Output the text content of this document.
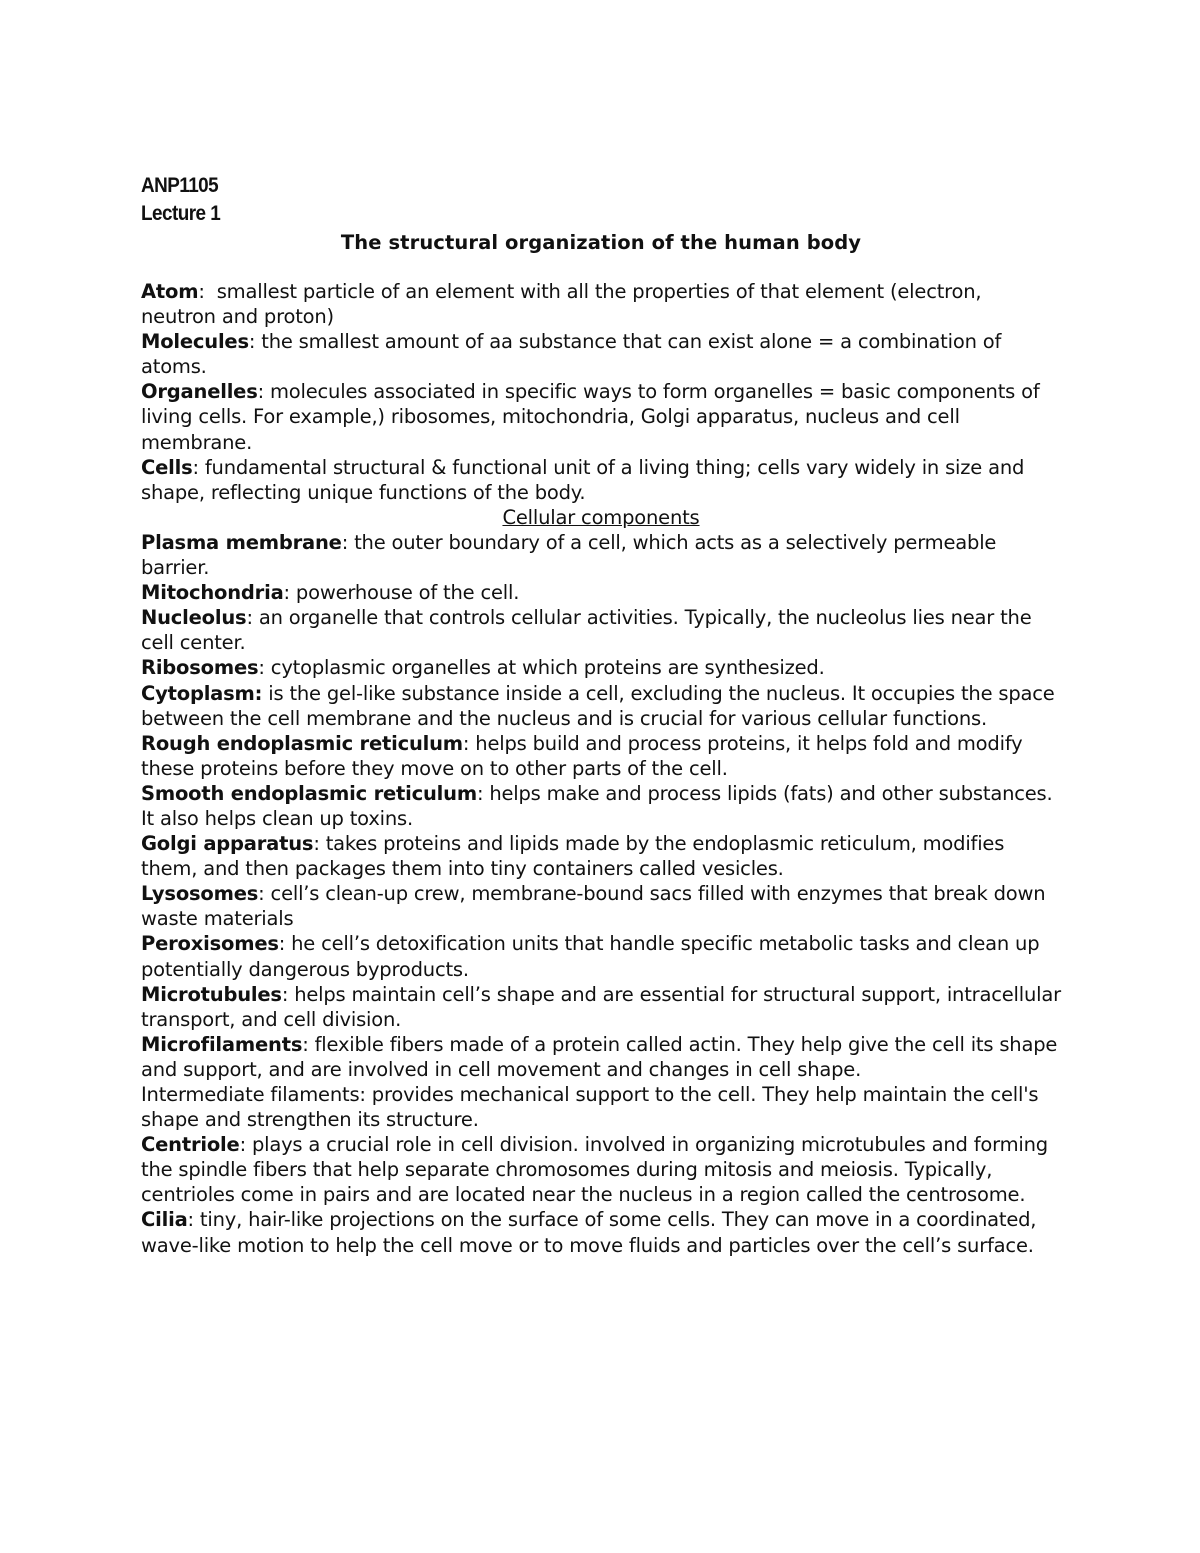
ANP1105
Lecture 1
The structural organization of the human body
Atom:  smallest particle of an element with all the properties of that element (electron, neutron and proton)
Molecules: the smallest amount of aa substance that can exist alone = a combination of atoms.
Organelles: molecules associated in specific ways to form organelles = basic components of living cells. For example,) ribosomes, mitochondria, Golgi apparatus, nucleus and cell membrane.
Cells: fundamental structural & functional unit of a living thing; cells vary widely in size and shape, reflecting unique functions of the body.
Cellular components
Plasma membrane: the outer boundary of a cell, which acts as a selectively permeable barrier.
Mitochondria: powerhouse of the cell.
Nucleolus: an organelle that controls cellular activities. Typically, the nucleolus lies near the cell center.
Ribosomes: cytoplasmic organelles at which proteins are synthesized.
Cytoplasm: is the gel-like substance inside a cell, excluding the nucleus. It occupies the space between the cell membrane and the nucleus and is crucial for various cellular functions.
Rough endoplasmic reticulum: helps build and process proteins, it helps fold and modify these proteins before they move on to other parts of the cell.
Smooth endoplasmic reticulum: helps make and process lipids (fats) and other substances. It also helps clean up toxins.
Golgi apparatus: takes proteins and lipids made by the endoplasmic reticulum, modifies them, and then packages them into tiny containers called vesicles.
Lysosomes: cell’s clean-up crew, membrane-bound sacs filled with enzymes that break down waste materials
Peroxisomes: he cell’s detoxification units that handle specific metabolic tasks and clean up potentially dangerous byproducts.
Microtubules: helps maintain cell’s shape and are essential for structural support, intracellular transport, and cell division.
Microfilaments: flexible fibers made of a protein called actin. They help give the cell its shape and support, and are involved in cell movement and changes in cell shape.
Intermediate filaments: provides mechanical support to the cell. They help maintain the cell's shape and strengthen its structure.
Centriole: plays a crucial role in cell division. involved in organizing microtubules and forming the spindle fibers that help separate chromosomes during mitosis and meiosis. Typically, centrioles come in pairs and are located near the nucleus in a region called the centrosome.
Cilia: tiny, hair-like projections on the surface of some cells. They can move in a coordinated, wave-like motion to help the cell move or to move fluids and particles over the cell’s surface.
